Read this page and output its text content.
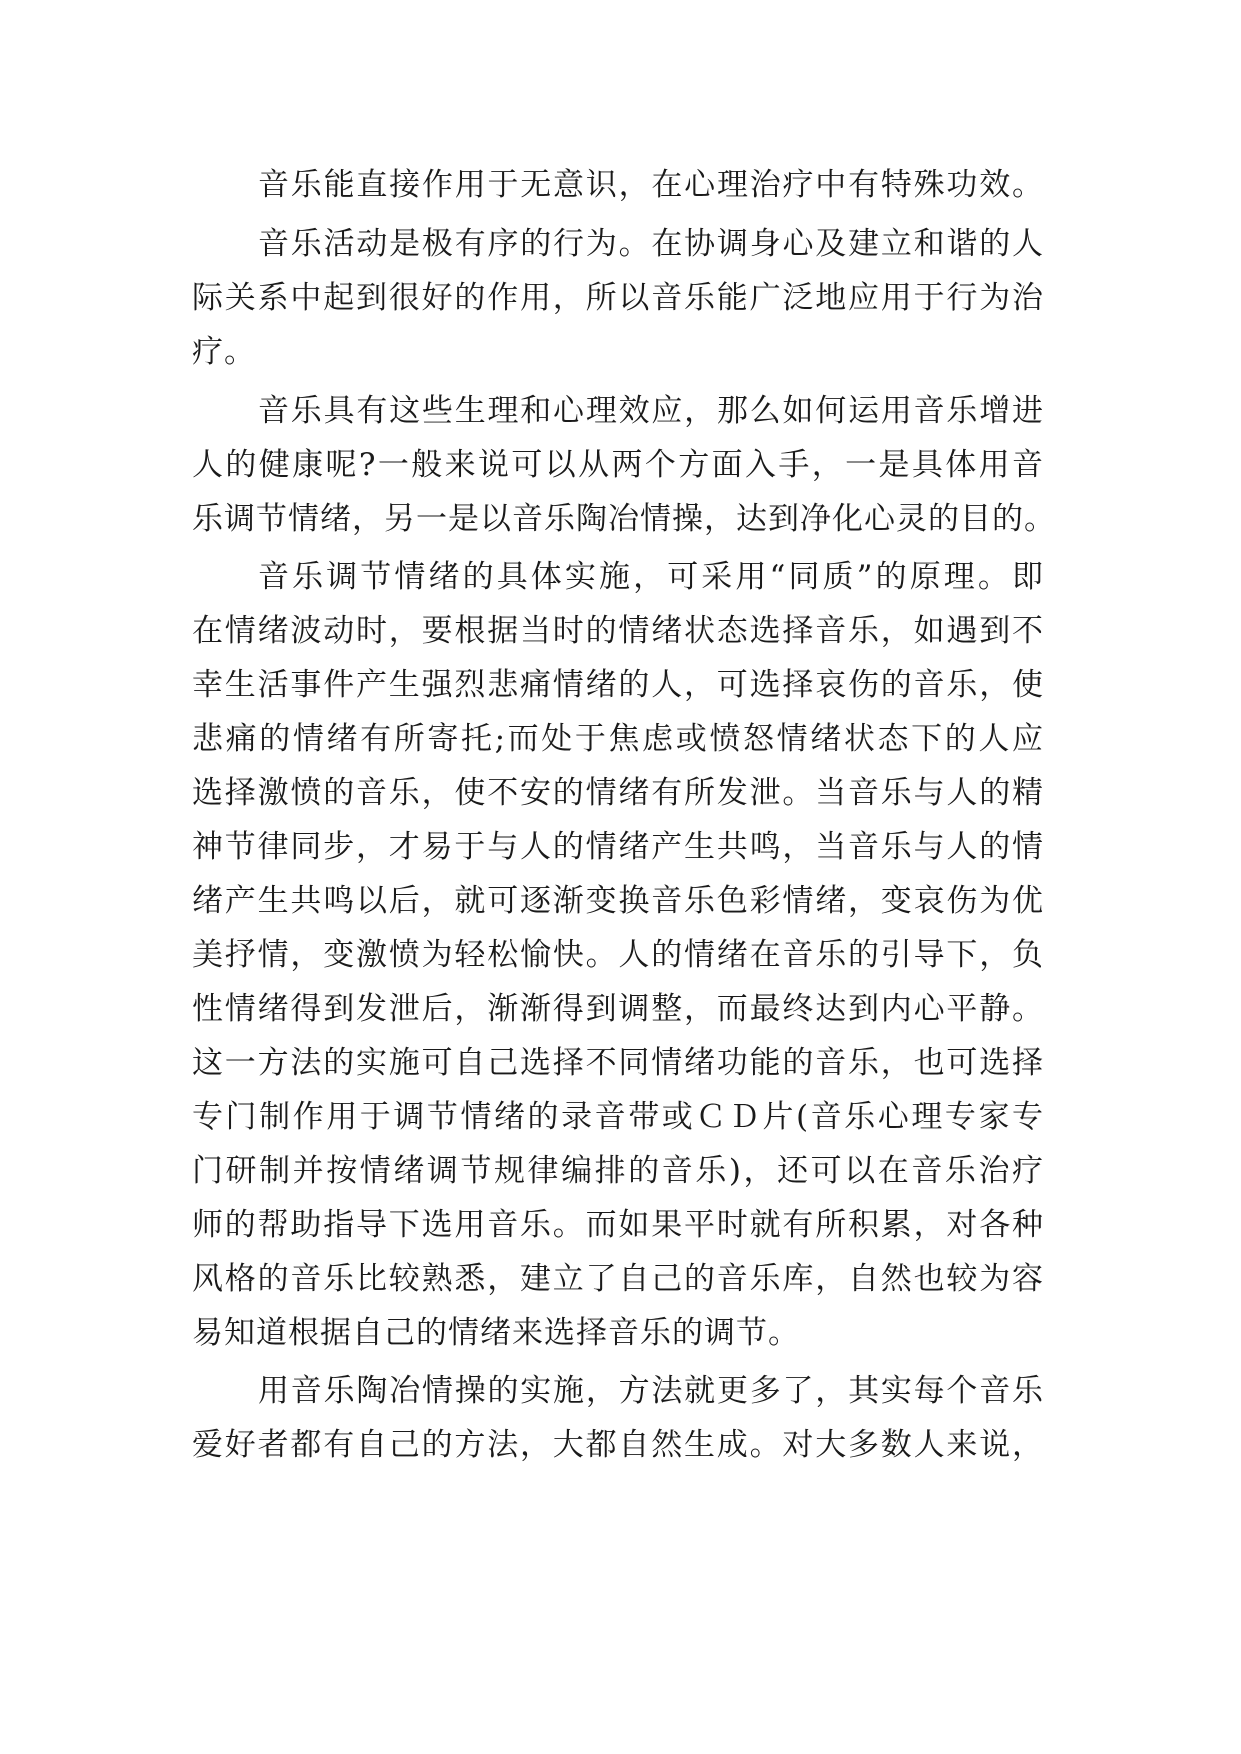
音乐能直接作用于无意识，在心理治疗中有特殊功效。
音乐活动是极有序的行为。在协调身心及建立和谐的人
际关系中起到很好的作用，所以音乐能广泛地应用于行为治
疗。
音乐具有这些生理和心理效应，那么如何运用音乐增进
人的健康呢?一般来说可以从两个方面入手，一是具体用音
乐调节情绪，另一是以音乐陶冶情操，达到净化心灵的目的。
音乐调节情绪的具体实施，可采用“同质”的原理。即
在情绪波动时，要根据当时的情绪状态选择音乐，如遇到不
幸生活事件产生强烈悲痛情绪的人，可选择哀伤的音乐，使
悲痛的情绪有所寄托;而处于焦虑或愤怒情绪状态下的人应
选择激愤的音乐，使不安的情绪有所发泄。当音乐与人的精
神节律同步，才易于与人的情绪产生共鸣，当音乐与人的情
绪产生共鸣以后，就可逐渐变换音乐色彩情绪，变哀伤为优
美抒情，变激愤为轻松愉快。人的情绪在音乐的引导下，负
性情绪得到发泄后，渐渐得到调整，而最终达到内心平静。
这一方法的实施可自己选择不同情绪功能的音乐，也可选择
专门制作用于调节情绪的录音带或ＣＤ片(音乐心理专家专
门研制并按情绪调节规律编排的音乐)，还可以在音乐治疗
师的帮助指导下选用音乐。而如果平时就有所积累，对各种
风格的音乐比较熟悉，建立了自己的音乐库，自然也较为容
易知道根据自己的情绪来选择音乐的调节。
用音乐陶冶情操的实施，方法就更多了，其实每个音乐
爱好者都有自己的方法，大都自然生成。对大多数人来说，
